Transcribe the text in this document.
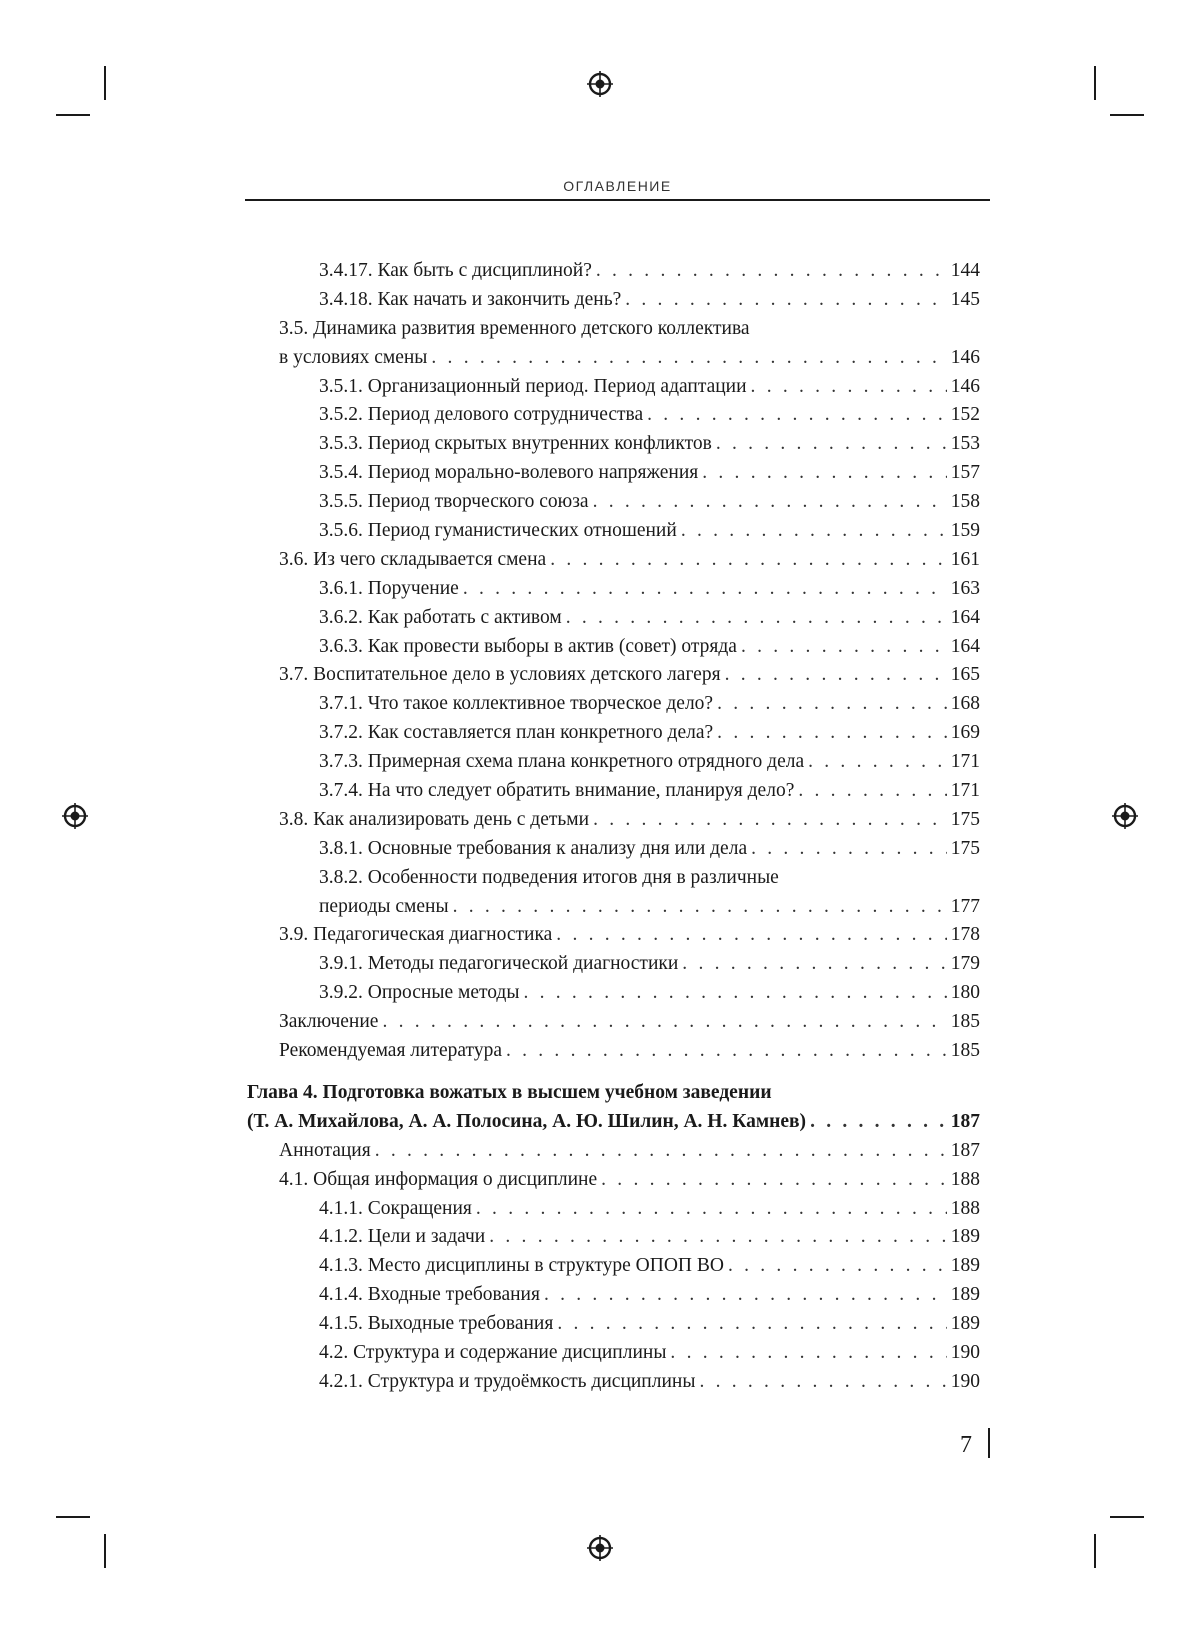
ОГЛАВЛЕНИЕ
3.4.17. Как быть с дисциплиной? . . .	144
3.4.18. Как начать и закончить день? . . .	145
3.5. Динамика развития временного детского коллектива
в условиях смены . . .	146
3.5.1. Организационный период. Период адаптации . . .	146
3.5.2. Период делового сотрудничества . . .	152
3.5.3. Период скрытых внутренних конфликтов . . .	153
3.5.4. Период морально-волевого напряжения . . .	157
3.5.5. Период творческого союза . . .	158
3.5.6. Период гуманистических отношений . . .	159
3.6. Из чего складывается смена . . .	161
3.6.1. Поручение . . .	163
3.6.2. Как работать с активом . . .	164
3.6.3. Как провести выборы в актив (совет) отряда . . .	164
3.7. Воспитательное дело в условиях детского лагеря . . .	165
3.7.1. Что такое коллективное творческое дело? . . .	168
3.7.2. Как составляется план конкретного дела? . . .	169
3.7.3. Примерная схема плана конкретного отрядного дела . . .	171
3.7.4. На что следует обратить внимание, планируя дело? . . .	171
3.8. Как анализировать день с детьми . . .	175
3.8.1. Основные требования к анализу дня или дела . . .	175
3.8.2. Особенности подведения итогов дня в различные
периоды смены . . .	177
3.9. Педагогическая диагностика . . .	178
3.9.1. Методы педагогической диагностики . . .	179
3.9.2. Опросные методы . . .	180
Заключение . . .	185
Рекомендуемая литература . . .	185
Глава 4. Подготовка вожатых в высшем учебном заведении
(Т. А. Михайлова, А. А. Полосина, А. Ю. Шилин, А. Н. Камнев) . . .	187
Аннотация . . .	187
4.1. Общая информация о дисциплине . . .	188
4.1.1. Сокращения . . .	188
4.1.2. Цели и задачи . . .	189
4.1.3. Место дисциплины в структуре ОПОП ВО . . .	189
4.1.4. Входные требования . . .	189
4.1.5. Выходные требования . . .	189
4.2. Структура и содержание дисциплины . . .	190
4.2.1. Структура и трудоёмкость дисциплины . . .	190
7
